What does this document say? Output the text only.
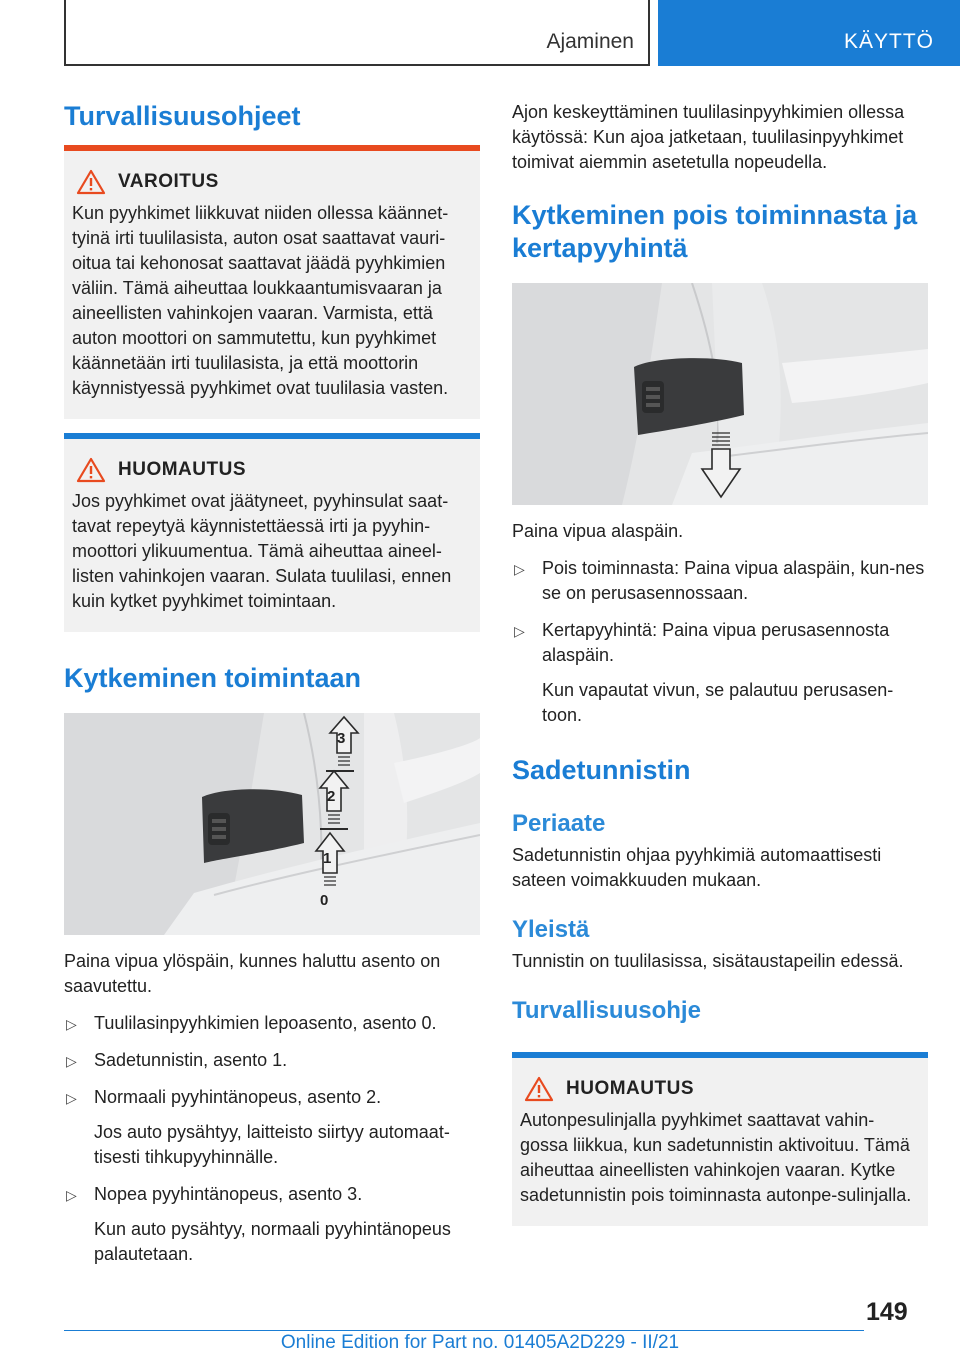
Ajaminen	KÄYTTÖ
Turvallisuusohjeet
VAROITUS

Kun pyyhkimet liikkuvat niiden ollessa käännet-tyinä irti tuulilasista, auton osat saattavat vauri-oitua tai kehonosat saattavat jäädä pyyhkimien väliin. Tämä aiheuttaa loukkaantumisvaaran ja aineellisten vahinkojen vaaran. Varmista, että auton moottori on sammutettu, kun pyyhkimet käännetään irti tuulilasista, ja että moottorin käynnistyessä pyyhkimet ovat tuulilasia vasten.

HUOMAUTUS

Jos pyyhkimet ovat jäätyneet, pyyhinsulat saat-tavat repeytyä käynnistettäessä irti ja pyyhin-moottori ylikuumentua. Tämä aiheuttaa aineel-listen vahinkojen vaaran. Sulata tuulilasi, ennen kuin kytket pyyhkimet toimintaan.

Kytkeminen toimintaan
3
2
1
0

Paina vipua ylöspäin, kunnes haluttu asento on saavutettu.

▷ Tuulilasinpyyhkimien lepoasento, asento 0.
▷ Sadetunnistin, asento 1.
▷ Normaali pyyhintänopeus, asento 2.

Jos auto pysähtyy, laitteisto siirtyy automaat-tisesti tihkupyyhinnälle.

▷ Nopea pyyhintänopeus, asento 3.

Kun auto pysähtyy, normaali pyyhintänopeus palautetaan.

Ajon keskeyttäminen tuulilasinpyyhkimien ollessa käytössä: Kun ajoa jatketaan, tuulilasinpyyhkimet toimivat aiemmin asetetulla nopeudella.

Kytkeminen pois toiminnasta ja kertapyyhintä

Paina vipua alaspäin.

▷ Pois toiminnasta: Paina vipua alaspäin, kun-nes se on perusasennossaan.
▷ Kertapyyhintä: Paina vipua perusasennosta alaspäin.

Kun vapautat vivun, se palautuu perusasen-toon.

Sadetunnistin
Periaate

Sadetunnistin ohjaa pyyhkimiä automaattisesti sateen voimakkuuden mukaan.

Yleistä

Tunnistin on tuulilasissa, sisätaustapeilin edessä.

Turvallisuusohje
HUOMAUTUS

Autonpesulinjalla pyyhkimet saattavat vahin-gossa liikkua, kun sadetunnistin aktivoituu. Tämä aiheuttaa aineellisten vahinkojen vaaran. Kytke sadetunnistin pois toiminnasta autonpe-sulinjalla.

149
Online Edition for Part no. 01405A2D229 - II/21
